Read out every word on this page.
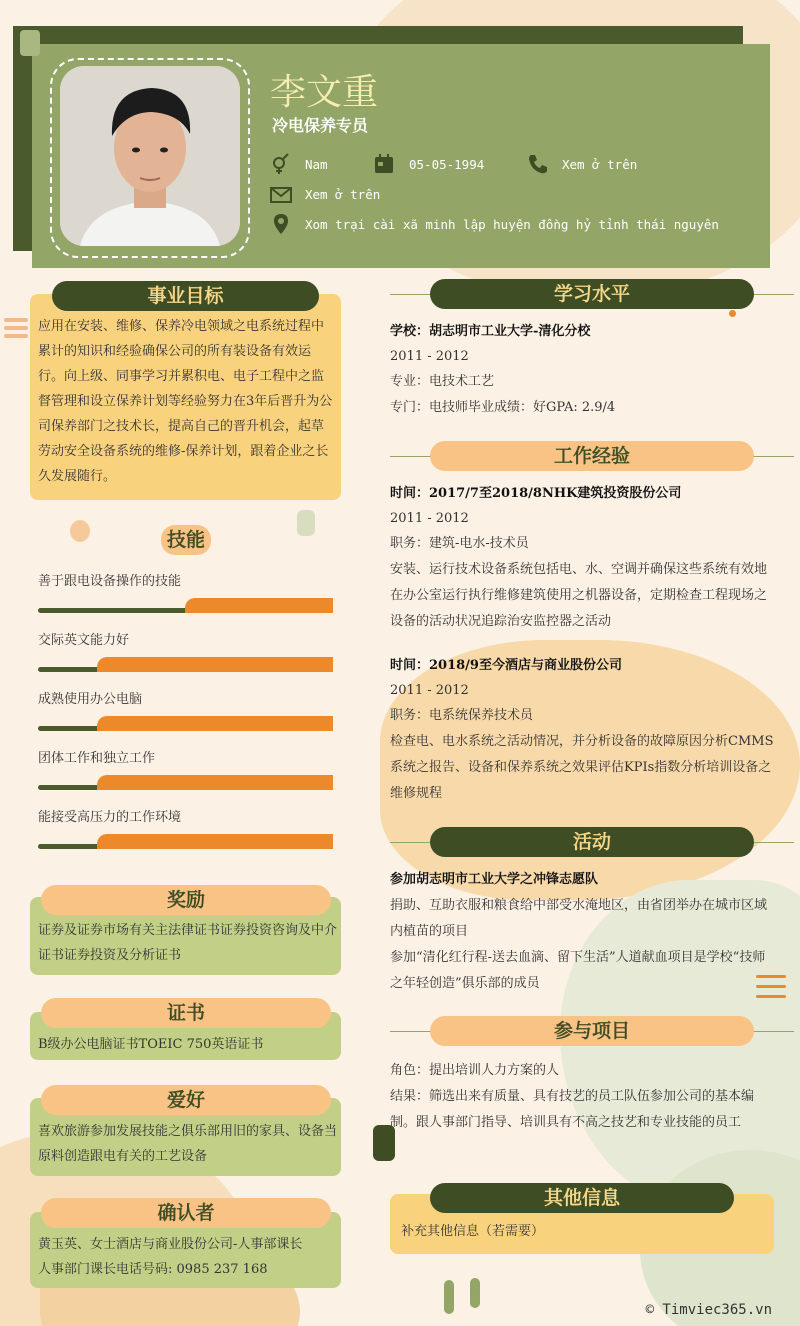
李文重
冷电保养专员
Nam	05-05-1994	Xem ở trên
Xem ở trên
Xom trại cài xã minh lập huyện đồng hỷ tỉnh thái nguyên
事业目标
应用在安装、维修、保养冷电领域之电系统过程中累计的知识和经验确保公司的所有装设备有效运行。向上级、同事学习并累积电、电子工程中之监督管理和设立保养计划等经验努力在3年后晋升为公司保养部门之技术长，提高自己的晋升机会，起草劳动安全设备系统的维修-保养计划，跟着企业之长久发展随行。
技能
善于跟电设备操作的技能
交际英文能力好
成熟使用办公电脑
团体工作和独立工作
能接受高压力的工作环境
奖励
证券及证券市场有关主法律证书证券投资咨询及中介证书证券投资及分析证书
证书
B级办公电脑证书TOEIC 750英语证书
爱好
喜欢旅游参加发展技能之俱乐部用旧的家具、设备当原料创造跟电有关的工艺设备
确认者
黄玉英、女士酒店与商业股份公司-人事部课长
人事部门课长电话号码: 0985 237 168
学习水平
学校：胡志明市工业大学-清化分校
2011 - 2012
专业：电技术工艺
专门：电技师毕业成绩：好GPA: 2.9/4
工作经验
时间：2017/7至2018/8NHK建筑投资股份公司
2011 - 2012
职务：建筑-电水-技术员
安装、运行技术设备系统包括电、水、空调并确保这些系统有效地在办公室运行执行维修建筑使用之机器设备，定期检查工程现场之设备的活动状况追踪治安监控器之活动
时间：2018/9至今酒店与商业股份公司
2011 - 2012
职务：电系统保养技术员
检查电、电水系统之活动情况，并分析设备的故障原因分析CMMS系统之报告、设备和保养系统之效果评估KPIs指数分析培训设备之维修规程
活动
参加胡志明市工业大学之冲锋志愿队
捐助、互助衣服和粮食给中部受水淹地区，由省团举办在城市区域内植苗的项目
参加“清化红行程-送去血滴、留下生活”人道献血项目是学校“技师之年轻创造”俱乐部的成员
参与项目
角色：提出培训人力方案的人
结果：筛选出来有质量、具有技艺的员工队伍参加公司的基本编制。跟人事部门指导、培训具有不高之技艺和专业技能的员工
其他信息
补充其他信息（若需要）
© Timviec365.vn
